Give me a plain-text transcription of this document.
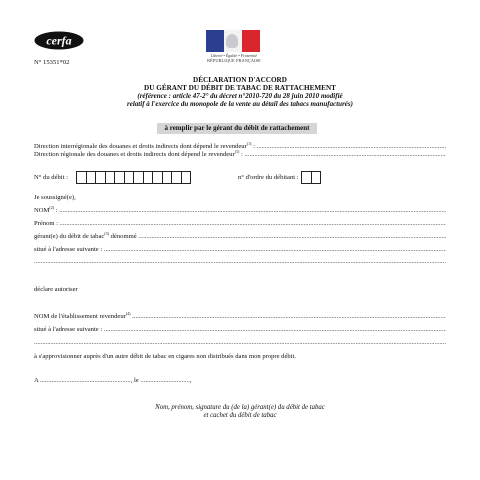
cerfa
N° 15351*02
Liberté • Égalité • Fraternité
RÉPUBLIQUE FRANÇAISE
DÉCLARATION D'ACCORD
DU GÉRANT DU DÉBIT DE TABAC DE RATTACHEMENT
(référence : article 47-2° du décret n°2010-720 du 28 juin 2010 modifié
relatif à l'exercice du monopole de la vente au détail des tabacs manufacturés)
à remplir par le gérant du débit de rattachement
Direction interrégionale des douanes et droits indirects dont dépend le revendeur$^{(1)}$ :
.....
Direction régionale des douanes et droits indirects dont dépend le revendeur$^{(1)}$ :
.....
N° du débit :	n° d'ordre du débitant :
Je soussigné(e),
NOM$^{(2)}$ :
.....
Prénom :
.....
gérant(e) du débit de tabac$^{(3)}$ dénommé
.....
situé à l'adresse suivante :
.....
.....
déclare autoriser
NOM de l'établissement revendeur$^{(4)}$
.....
situé à l'adresse suivante :
.....
.....
à s'approvisionner auprès d'un autre débit de tabac en cigares non distribués dans mon propre débit.
A ......................................................., le ..............................,
Nom, prénom, signature du (de la) gérant(e) du débit de tabac
et cachet du débit de tabac
